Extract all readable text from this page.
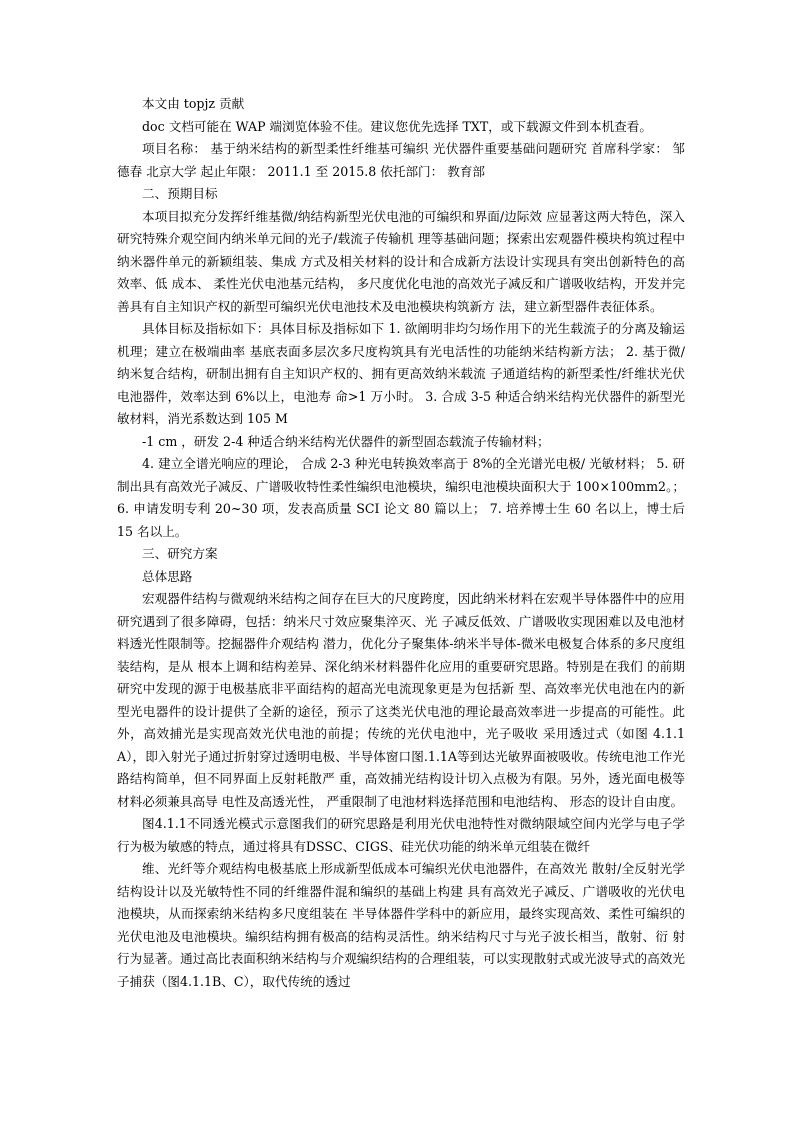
本文由 topjz 贡献

doc 文档可能在 WAP 端浏览体验不佳。建议您优先选择 TXT，或下载源文件到本机查看。

项目名称： 基于纳米结构的新型柔性纤维基可编织 光伏器件重要基础问题研究 首席科学家： 邹德春 北京大学 起止年限： 2011.1 至 2015.8 依托部门： 教育部

二、预期目标

本项目拟充分发挥纤维基微/纳结构新型光伏电池的可编织和界面/边际效 应显著这两大特色，深入研究特殊介观空间内纳米单元间的光子/载流子传输机 理等基础问题；探索出宏观器件模块构筑过程中纳米器件单元的新颖组装、集成 方式及相关材料的设计和合成新方法设计实现具有突出创新特色的高效率、低 成本、 柔性光伏电池基元结构， 多尺度优化电池的高效光子减反和广谱吸收结构，开发并完善具有自主知识产权的新型可编织光伏电池技术及电池模块构筑新方 法，建立新型器件表征体系。

具体目标及指标如下：具体目标及指标如下 1. 欲阐明非均匀场作用下的光生载流子的分离及输运机理；建立在极端曲率 基底表面多层次多尺度构筑具有光电活性的功能纳米结构新方法； 2. 基于微/纳米复合结构，研制出拥有自主知识产权的、拥有更高效纳米载流 子通道结构的新型柔性/纤维状光伏电池器件，效率达到 6%以上，电池寿 命>1 万小时。 3. 合成 3-5 种适合纳米结构光伏器件的新型光敏材料，消光系数达到 105 M

-1 cm ，研发 2-4 种适合纳米结构光伏器件的新型固态载流子传输材料；

4. 建立全谱光响应的理论， 合成 2-3 种光电转换效率高于 8%的全光谱光电极/ 光敏材料； 5. 研制出具有高效光子减反、广谱吸收特性柔性编织电池模块，编织电池模块面积大于 100×100mm2。； 6. 申请发明专利 20~30 项，发表高质量 SCI 论文 80 篇以上； 7. 培养博士生 60 名以上，博士后 15 名以上。

三、研究方案

总体思路

宏观器件结构与微观纳米结构之间存在巨大的尺度跨度，因此纳米材料在宏观半导体器件中的应用研究遇到了很多障碍，包括：纳米尺寸效应聚集淬灭、光 子减反低效、广谱吸收实现困难以及电池材料透光性限制等。挖掘器件介观结构 潜力，优化分子聚集体-纳米半导体-微米电极复合体系的多尺度组装结构，是从 根本上调和结构差异、深化纳米材料器件化应用的重要研究思路。特别是在我们 的前期研究中发现的源于电极基底非平面结构的超高光电流现象更是为包括新 型、高效率光伏电池在内的新型光电器件的设计提供了全新的途径，预示了这类光伏电池的理论最高效率进一步提高的可能性。此外，高效捕光是实现高效光伏电池的前提；传统的光伏电池中，光子吸收 采用透过式（如图 4.1.1A），即入射光子通过折射穿过透明电极、半导体窗口图.1.1A等到达光敏界面被吸收。传统电池工作光路结构简单，但不同界面上反射耗散严 重，高效捕光结构设计切入点极为有限。另外，透光面电极等材料必须兼具高导 电性及高透光性， 严重限制了电池材料选择范围和电池结构、 形态的设计自由度。

图4.1.1不同透光模式示意图我们的研究思路是利用光伏电池特性对微纳限域空间内光学与电子学行为极为敏感的特点，通过将具有DSSC、CIGS、硅光伏功能的纳米单元组装在微纤

维、光纤等介观结构电极基底上形成新型低成本可编织光伏电池器件，在高效光 散射/全反射光学结构设计以及光敏特性不同的纤维器件混和编织的基础上构建 具有高效光子减反、广谱吸收的光伏电池模块，从而探索纳米结构多尺度组装在 半导体器件学科中的新应用，最终实现高效、柔性可编织的光伏电池及电池模块。编织结构拥有极高的结构灵活性。纳米结构尺寸与光子波长相当，散射、衍 射行为显著。通过高比表面积纳米结构与介观编织结构的合理组装，可以实现散射式或光波导式的高效光子捕获（图4.1.1B、C），取代传统的透过
